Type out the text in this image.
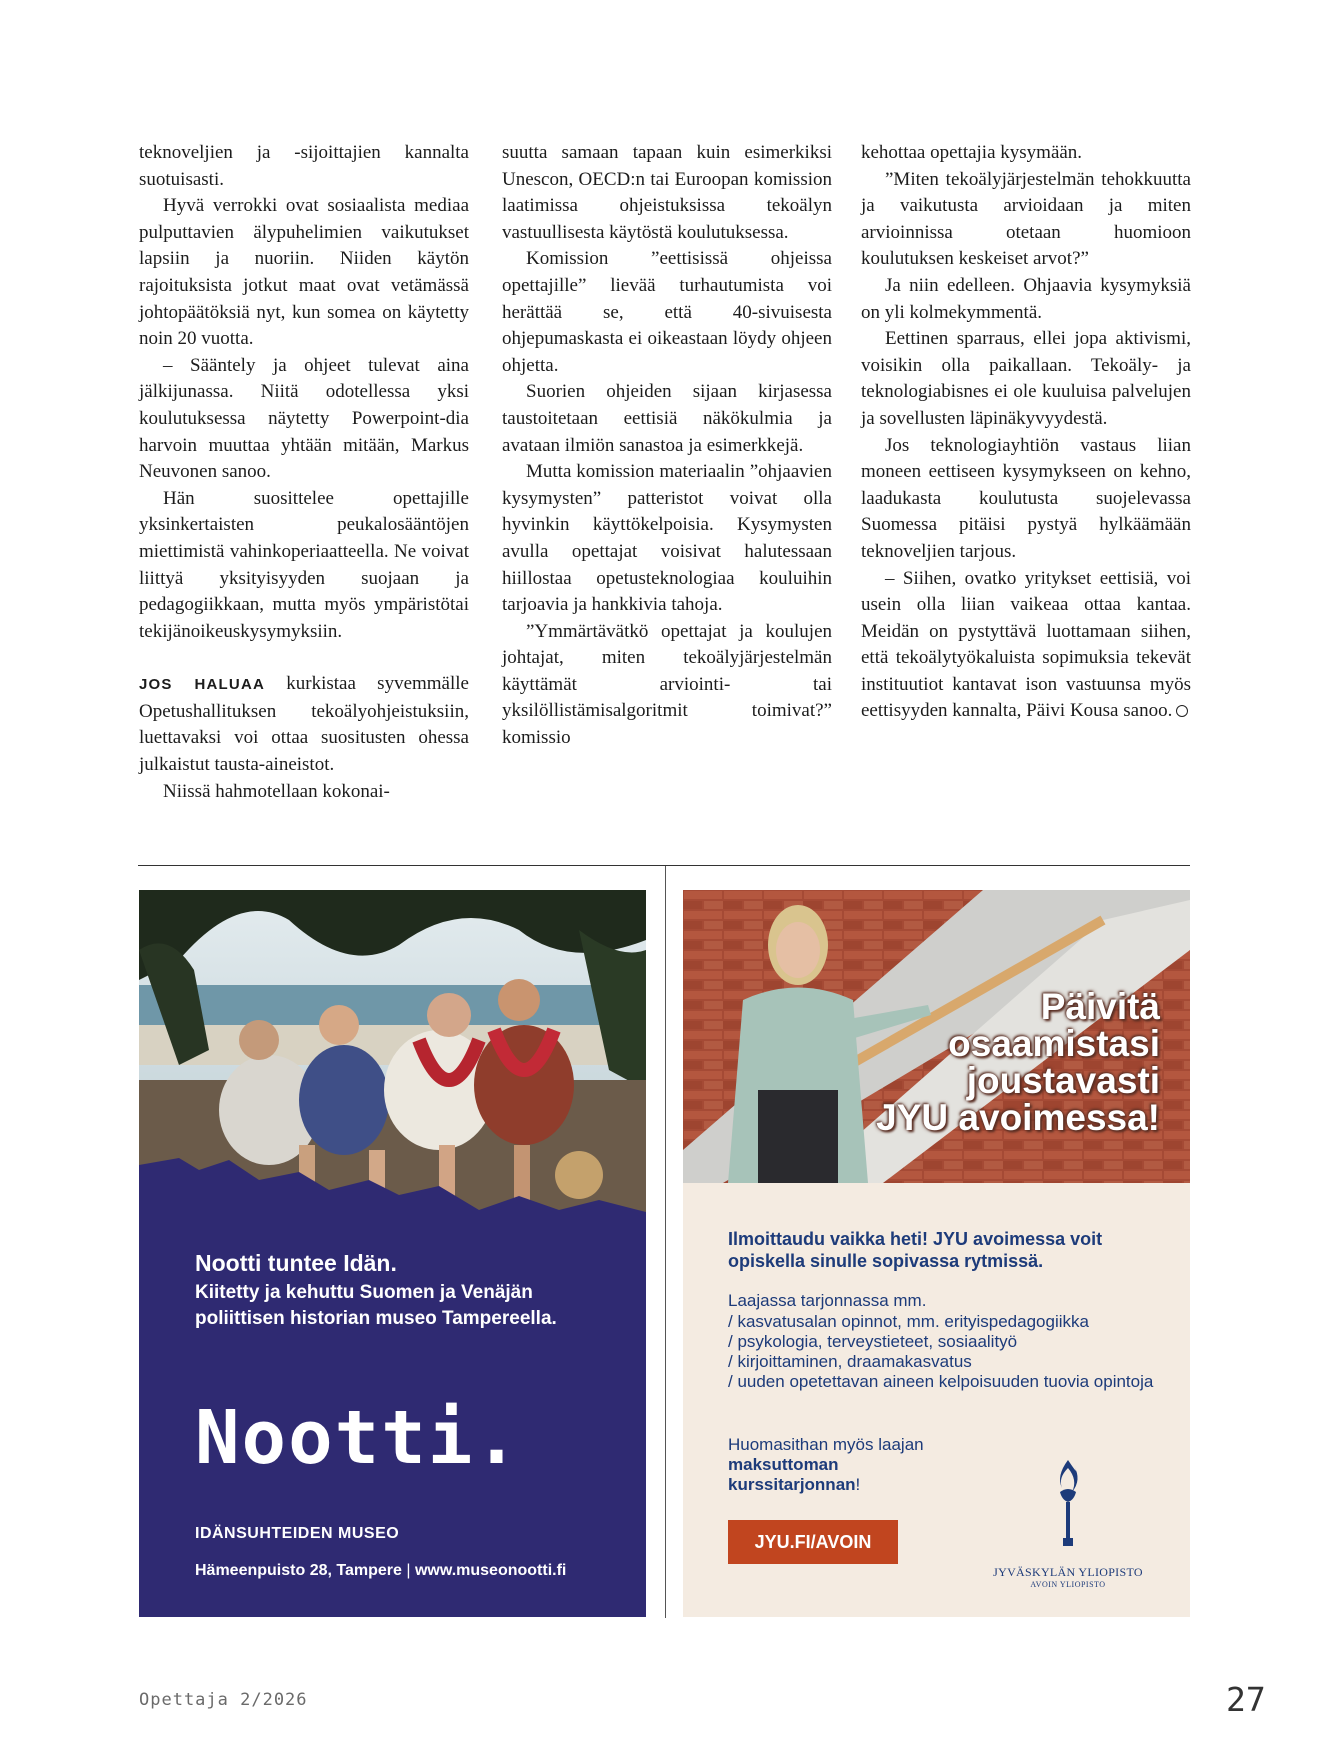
teknoveljien ja -sijoittajien kannalta suotuisasti.

Hyvä verrokki ovat sosiaalista mediaa pulputtavien älypuhelimien vaikutukset lapsiin ja nuoriin. Niiden käytön rajoituksista jotkut maat ovat vetämässä johtopäätöksiä nyt, kun somea on käytetty noin 20 vuotta.

– Sääntely ja ohjeet tulevat aina jälkijunassa. Niitä odotellessa yksi koulutuksessa näytetty Powerpoint-dia harvoin muuttaa yhtään mitään, Markus Neuvonen sanoo.

Hän suosittelee opettajille yksinkertaisten peukalosääntöjen miettimistä vahinkoperiaatteella. Ne voivat liittyä yksityisyyden suojaan ja pedagogiikkaan, mutta myös ympäristötai tekijänoikeuskysymyksiin.

JOS HALUAA kurkistaa syvemmälle Opetushallituksen tekoälyohjeistuksiin, luettavaksi voi ottaa suositusten ohessa julkaistut tausta-aineistot.

Niissä hahmotellaan kokonai-

suutta samaan tapaan kuin esimerkiksi Unescon, OECD:n tai Euroopan komission laatimissa ohjeistuksissa tekoälyn vastuullisesta käytöstä koulutuksessa.

Komission ”eettisissä ohjeissa opettajille” lievää turhautumista voi herättää se, että 40-sivuisesta ohjepumaskasta ei oikeastaan löydy ohjeen ohjetta.

Suorien ohjeiden sijaan kirjasessa taustoitetaan eettisiä näkökulmia ja avataan ilmiön sanastoa ja esimerkkejä.

Mutta komission materiaalin ”ohjaavien kysymysten” patteristot voivat olla hyvinkin käyttökelpoisia. Kysymysten avulla opettajat voisivat halutessaan hiillostaa opetusteknologiaa kouluihin tarjoavia ja hankkivia tahoja.

”Ymmärtävätkö opettajat ja koulujen johtajat, miten tekoälyjärjestelmän käyttämät arviointi- tai yksilöllistämisalgoritmit toimivat?” komissio

kehottaa opettajia kysymään.

”Miten tekoälyjärjestelmän tehokkuutta ja vaikutusta arvioidaan ja miten arvioinnissa otetaan huomioon koulutuksen keskeiset arvot?”

Ja niin edelleen. Ohjaavia kysymyksiä on yli kolmekymmentä.

Eettinen sparraus, ellei jopa aktivismi, voisikin olla paikallaan. Tekoäly- ja teknologiabisnes ei ole kuuluisa palvelujen ja sovellusten läpinäkyvyydestä.

Jos teknologiayhtiön vastaus liian moneen eettiseen kysymykseen on kehno, laadukasta koulutusta suojelevassa Suomessa pitäisi pystyä hylkäämään teknoveljien tarjous.

– Siihen, ovatko yritykset eettisiä, voi usein olla liian vaikeaa ottaa kantaa. Meidän on pystyttävä luottamaan siihen, että tekoälytyökaluista sopimuksia tekevät instituutiot kantavat ison vastuunsa myös eettisyyden kannalta, Päivi Kousa sanoo.

Nootti tuntee Idän.
Kiitetty ja kehuttu Suomen ja Venäjän poliittisen historian museo Tampereella.
Nootti.
IDÄNSUHTEIDEN MUSEO
Hämeenpuisto 28, Tampere | www.museonootti.fi
Päivitä
osaamistasi
joustavasti
JYU avoimessa!
Ilmoittaudu vaikka heti! JYU avoimessa voit opiskella sinulle sopivassa rytmissä.
Laajassa tarjonnassa mm.
/ kasvatusalan opinnot, mm. erityispedagogiikka
/ psykologia, terveystieteet, sosiaalityö
/ kirjoittaminen, draamakasvatus
/ uuden opetettavan aineen kelpoisuuden tuovia opintoja
Huomasithan myös laajan maksuttoman kurssitarjonnan!
JYU.FI/AVOIN
JYVÄSKYLÄN YLIOPISTO
AVOIN YLIOPISTO
Opettaja 2/2026	27
